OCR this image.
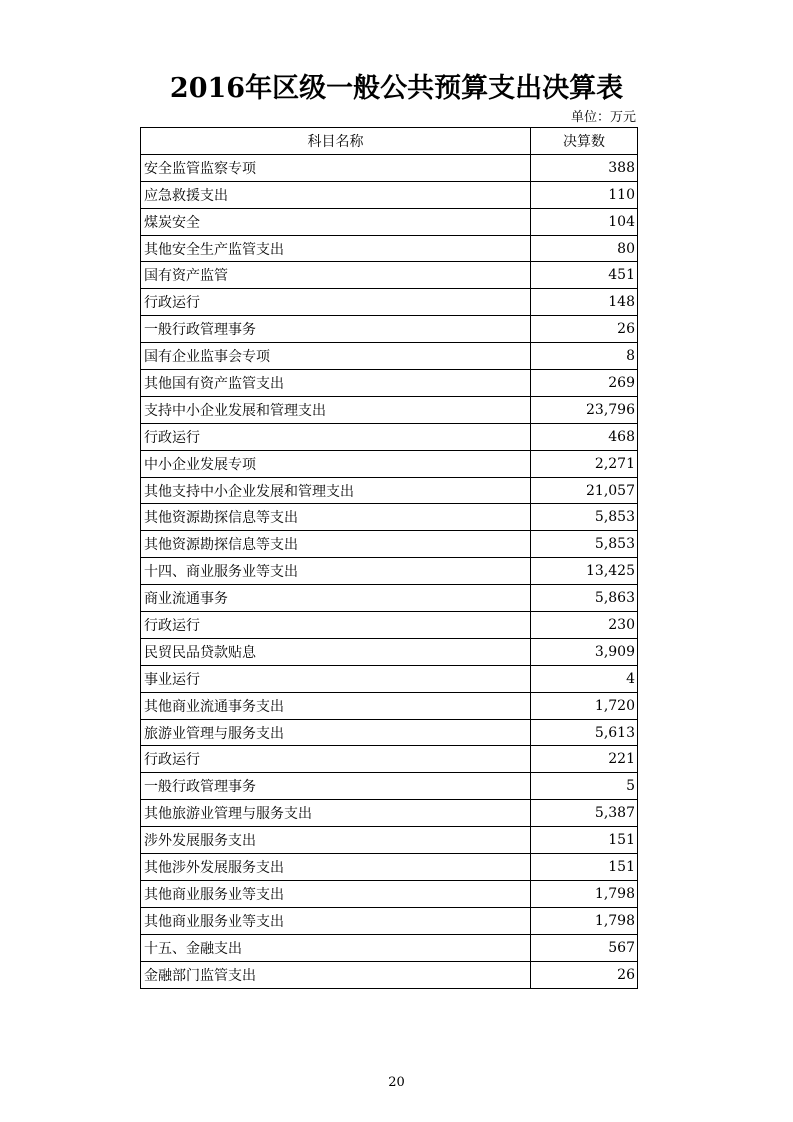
2016年区级一般公共预算支出决算表
单位：万元
科目名称	决算数
安全监管监察专项	388
应急救援支出	110
煤炭安全	104
其他安全生产监管支出	80
国有资产监管	451
行政运行	148
一般行政管理事务	26
国有企业监事会专项	8
其他国有资产监管支出	269
支持中小企业发展和管理支出	23,796
行政运行	468
中小企业发展专项	2,271
其他支持中小企业发展和管理支出	21,057
其他资源勘探信息等支出	5,853
其他资源勘探信息等支出	5,853
十四、商业服务业等支出	13,425
商业流通事务	5,863
行政运行	230
民贸民品贷款贴息	3,909
事业运行	4
其他商业流通事务支出	1,720
旅游业管理与服务支出	5,613
行政运行	221
一般行政管理事务	5
其他旅游业管理与服务支出	5,387
涉外发展服务支出	151
其他涉外发展服务支出	151
其他商业服务业等支出	1,798
其他商业服务业等支出	1,798
十五、金融支出	567
金融部门监管支出	26
20
